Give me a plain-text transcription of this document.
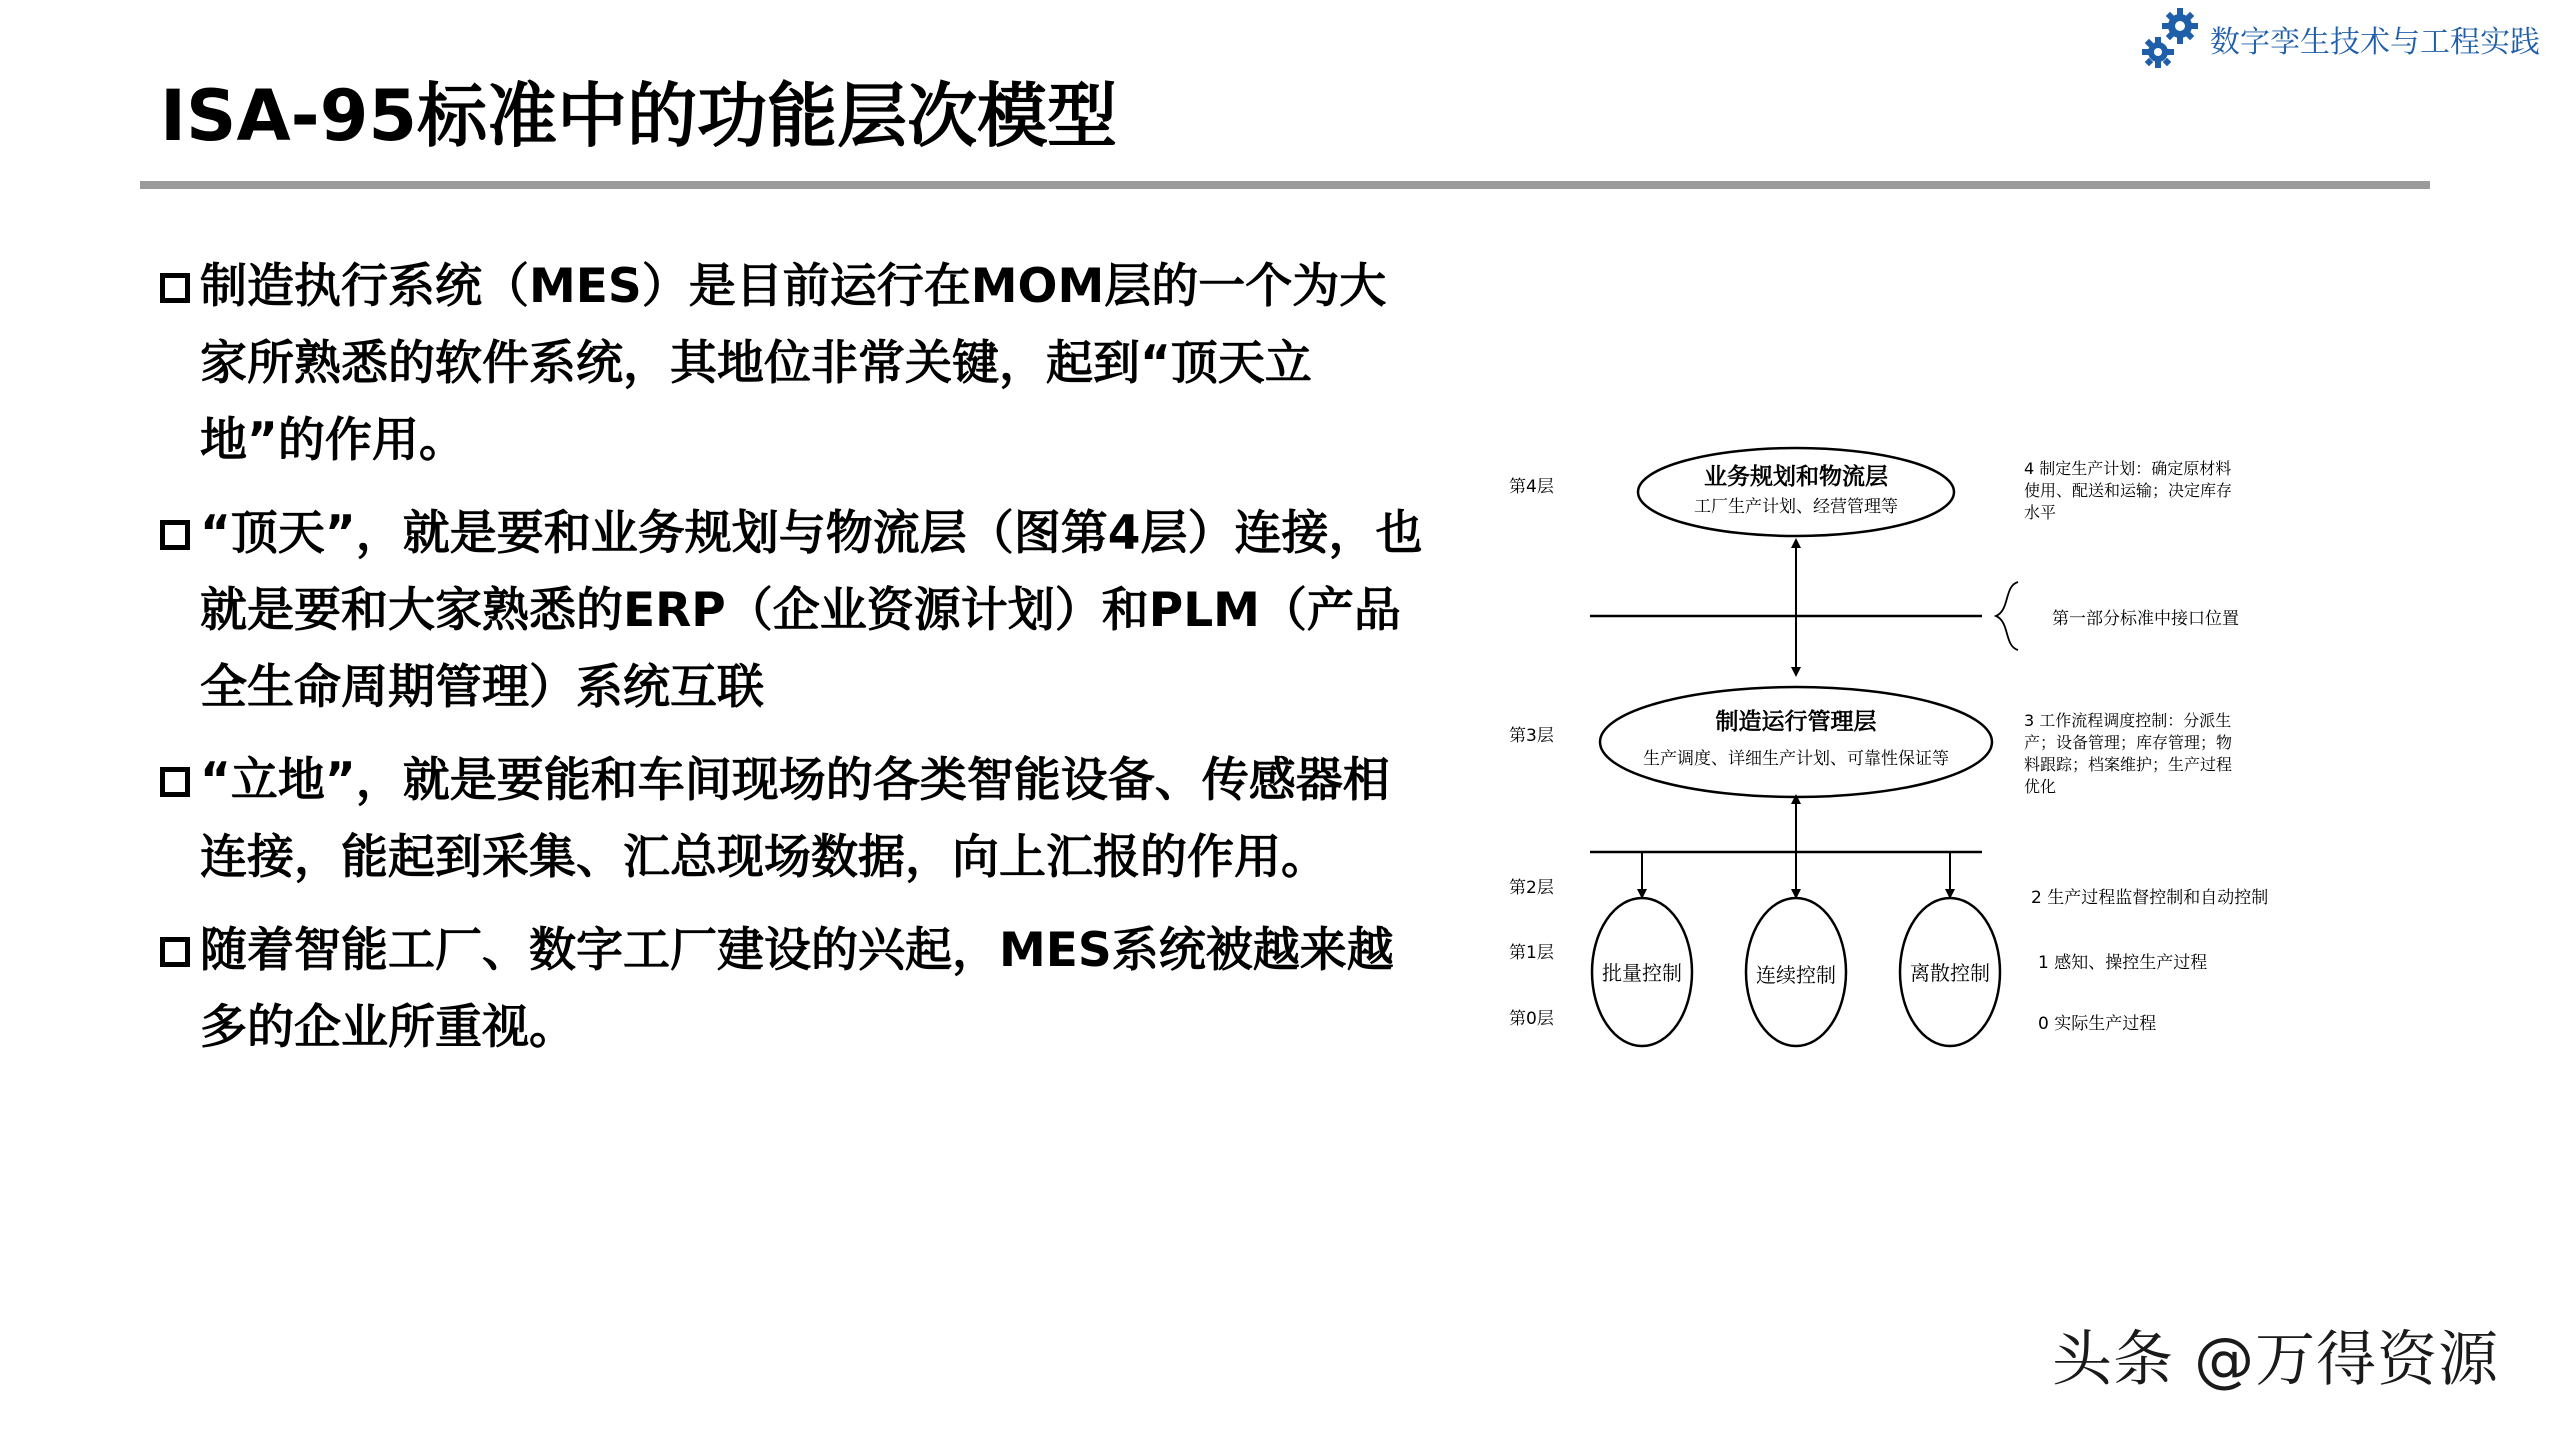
数字孪生技术与工程实践
ISA-95标准中的功能层次模型
制造执行系统（MES）是目前运行在MOM层的一个为大家所熟悉的软件系统，其地位非常关键，起到“顶天立地”的作用。
“顶天”，就是要和业务规划与物流层（图第4层）连接，也就是要和大家熟悉的ERP（企业资源计划）和PLM（产品全生命周期管理）系统互联
“立地”，就是要能和车间现场的各类智能设备、传感器相连接，能起到采集、汇总现场数据，向上汇报的作用。
随着智能工厂、数字工厂建设的兴起，MES系统被越来越多的企业所重视。
第4层
第3层
第2层
第1层
第0层
业务规划和物流层
工厂生产计划、经营管理等
第一部分标准中接口位置
制造运行管理层
生产调度、详细生产计划、可靠性保证等
批量控制	连续控制	离散控制
4 制定生产计划：确定原材料 使用、配送和运输；决定库存 水平
3 工作流程调度控制：分派生 产；设备管理；库存管理；物 料跟踪；档案维护；生产过程 优化
2 生产过程监督控制和自动控制
1 感知、操控生产过程
0 实际生产过程
头条 @万得资源
